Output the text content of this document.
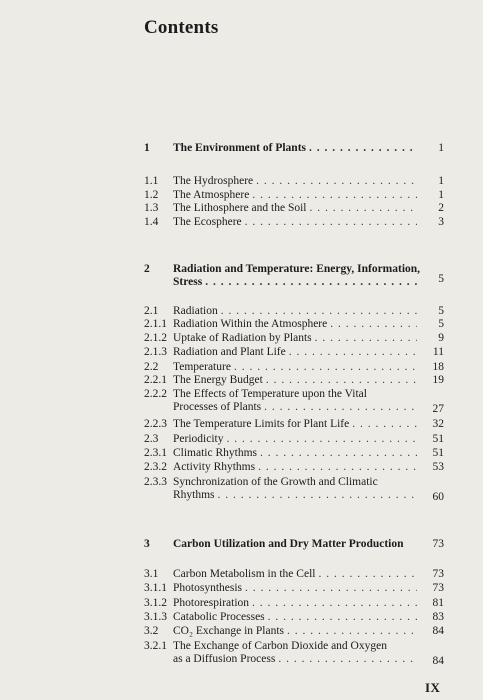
Contents
1	The Environment of Plants . . .	1
1.1	The Hydrosphere . . .	1
1.2	The Atmosphere . . .	1
1.3	The Lithosphere and the Soil . . .	2
1.4	The Ecosphere . . .	3
2	Radiation and Temperature: Energy, Information,
Stress . . .	5
2.1	Radiation . . .	5
2.1.1 Radiation Within the Atmosphere . . .	5
2.1.2 Uptake of Radiation by Plants . . .	9
2.1.3 Radiation and Plant Life . . .	11
2.2	Temperature . . .	18
2.2.1 The Energy Budget . . .	19
2.2.2 The Effects of Temperature upon the Vital
Processes of Plants . . .	27
2.2.3 The Temperature Limits for Plant Life . . .	32
2.3	Periodicity . . .	51
2.3.1 Climatic Rhythms . . .	51
2.3.2 Activity Rhythms . . .	53
2.3.3 Synchronization of the Growth and Climatic
Rhythms . . .	60
3	Carbon Utilization and Dry Matter Production	73
3.1	Carbon Metabolism in the Cell . . .	73
3.1.1 Photosynthesis . . .	73
3.1.2 Photorespiration . . .	81
3.1.3 Catabolic Processes . . .	83
3.2	CO₂ Exchange in Plants . . .	84
3.2.1 The Exchange of Carbon Dioxide and Oxygen
as a Diffusion Process . . .	84
IX
